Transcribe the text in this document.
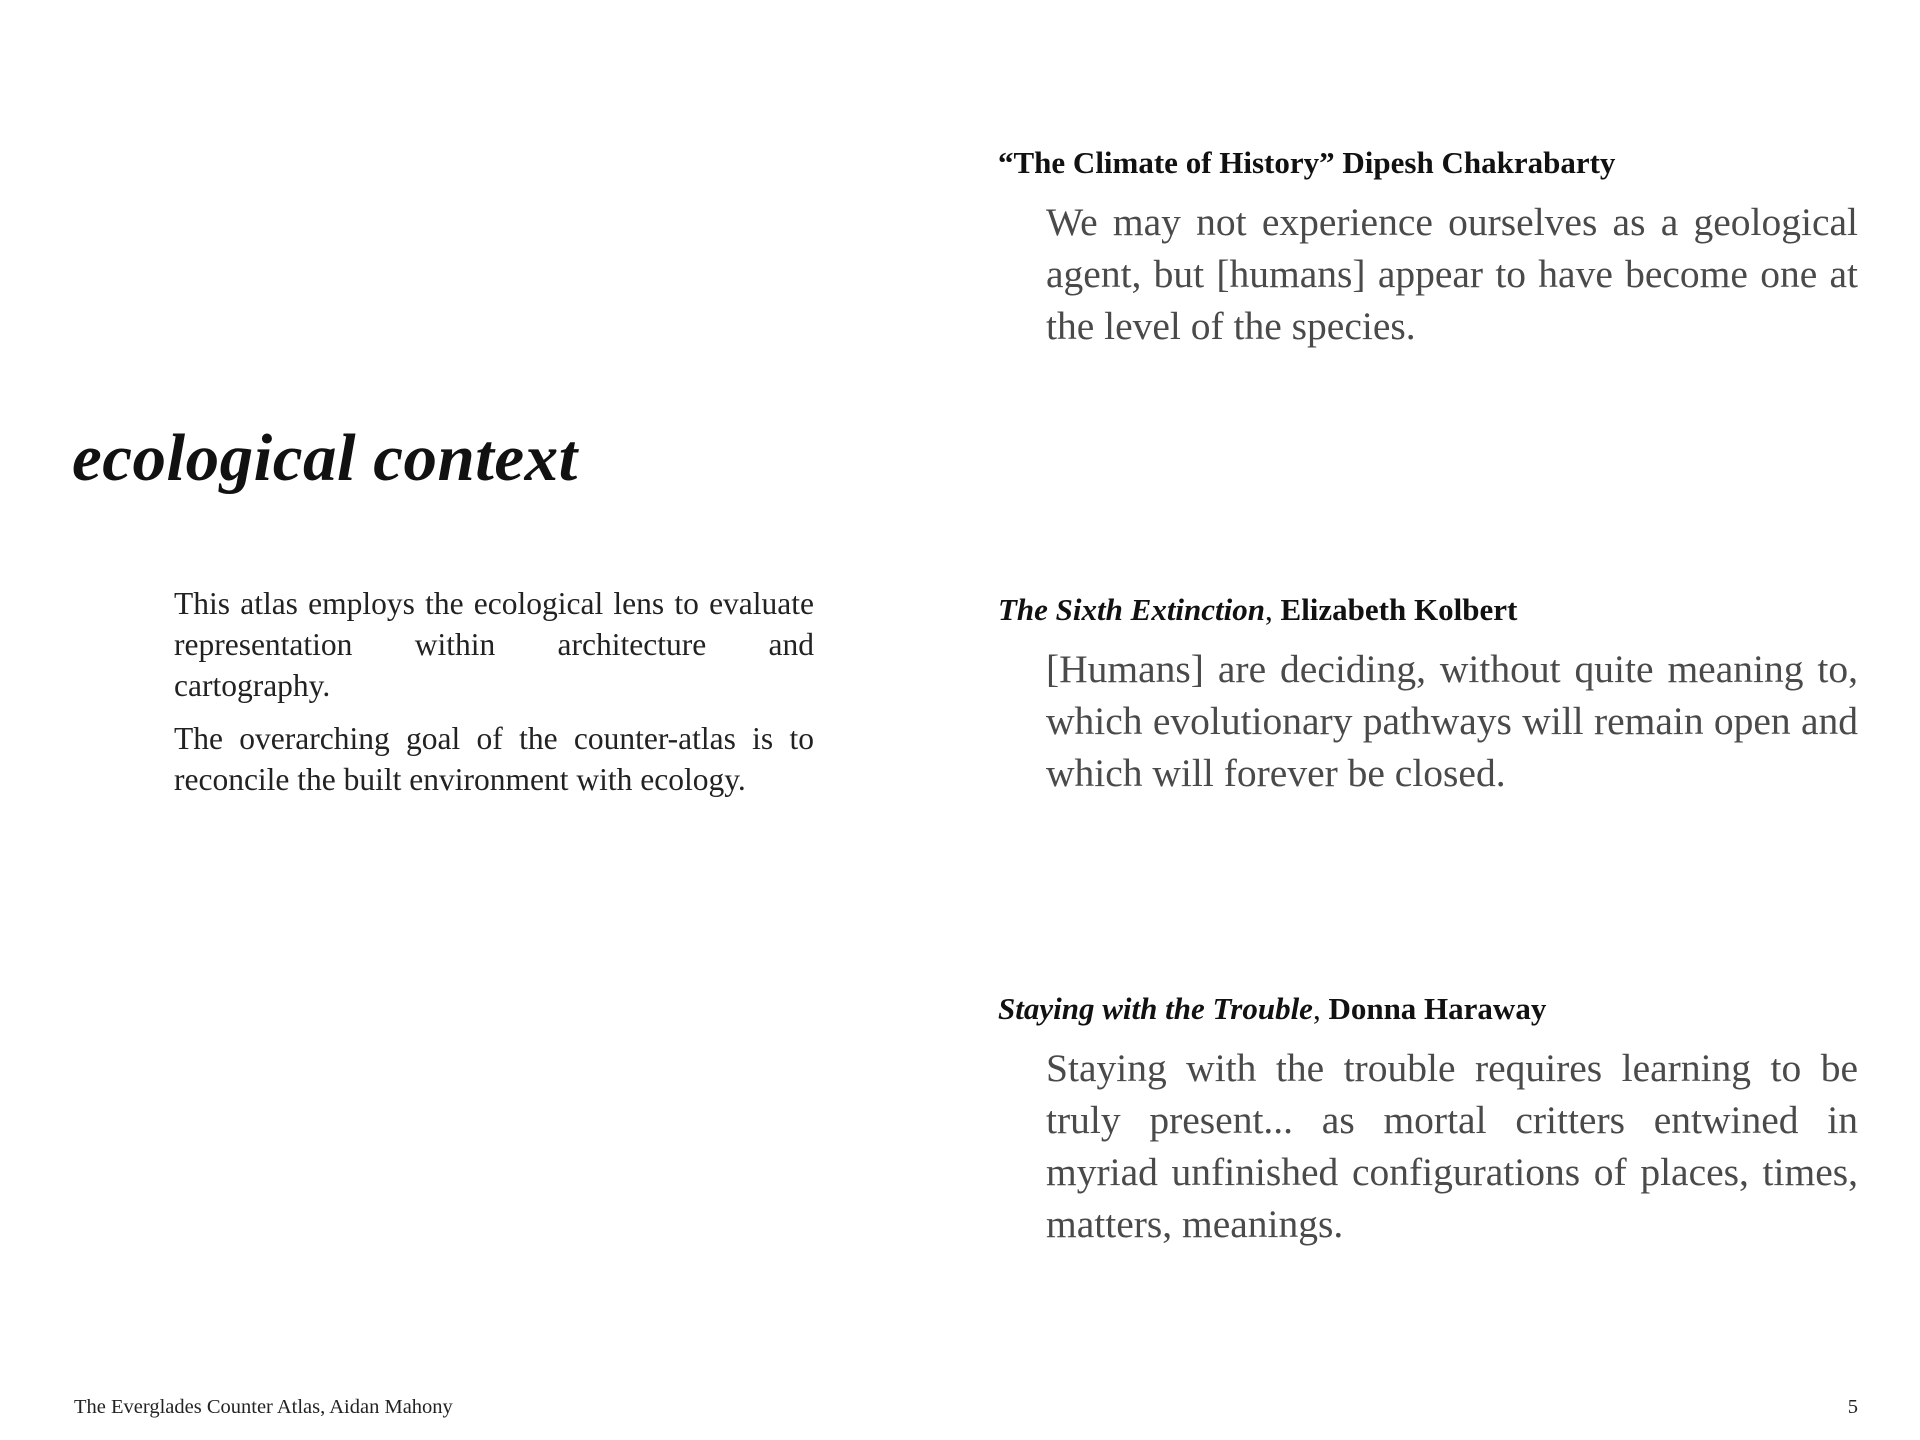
ecological context

This atlas employs the ecological lens to evaluate representation within architecture and cartography.

The overarching goal of the counter-atlas is to reconcile the built environment with ecology.

“The Climate of History” Dipesh Chakrabarty
We may not experience ourselves as a geological agent, but [humans] appear to have become one at the level of the species.
The Sixth Extinction, Elizabeth Kolbert
[Humans] are deciding, without quite meaning to, which evolutionary pathways will remain open and which will forever be closed.
Staying with the Trouble, Donna Haraway
Staying with the trouble requires learning to be truly present... as mortal critters entwined in myriad unfinished configurations of places, times, matters, meanings.
The Everglades Counter Atlas, Aidan Mahony	5
